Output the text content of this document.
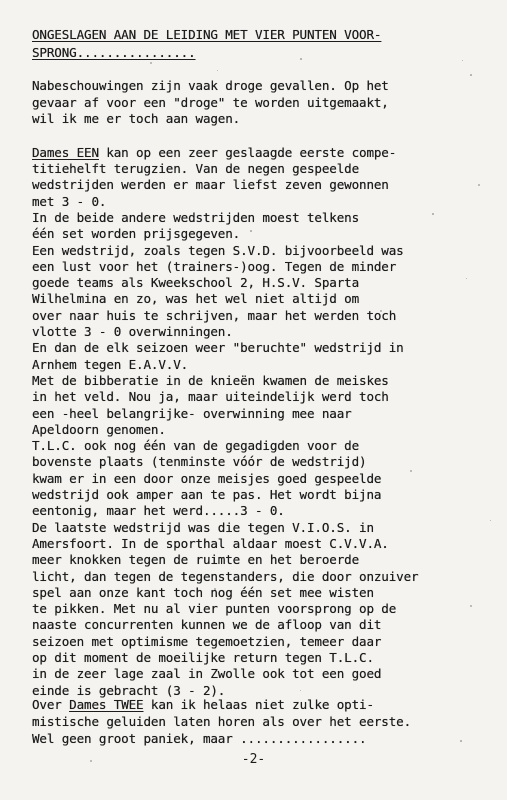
ONGESLAGEN AAN DE LEIDING MET VIER PUNTEN VOOR-
SPRONG................
Nabeschouwingen zijn vaak droge gevallen. Op het
gevaar af voor een "droge" te worden uitgemaakt,
wil ik me er toch aan wagen.
Dames EEN kan op een zeer geslaagde eerste compe-
titiehelft terugzien. Van de negen gespeelde
wedstrijden werden er maar liefst zeven gewonnen
met 3 - 0.
In de beide andere wedstrijden moest telkens
één set worden prijsgegeven.
Een wedstrijd, zoals tegen S.V.D. bijvoorbeeld was
een lust voor het (trainers-)oog. Tegen de minder
goede teams als Kweekschool 2, H.S.V. Sparta
Wilhelmina en zo, was het wel niet altijd om
over naar huis te schrijven, maar het werden toch
vlotte 3 - 0 overwinningen.
En dan de elk seizoen weer "beruchte" wedstrijd in
Arnhem tegen E.A.V.V.
Met de bibberatie in de knieën kwamen de meiskes
in het veld. Nou ja, maar uiteindelijk werd toch
een -heel belangrijke- overwinning mee naar
Apeldoorn genomen.
T.L.C. ook nog één van de gegadigden voor de
bovenste plaats (tenminste vóór de wedstrijd)
kwam er in een door onze meisjes goed gespeelde
wedstrijd ook amper aan te pas. Het wordt bijna
eentonig, maar het werd.....3 - 0.
De laatste wedstrijd was die tegen V.I.O.S. in
Amersfoort. In de sporthal aldaar moest C.V.V.A.
meer knokken tegen de ruimte en het beroerde
licht, dan tegen de tegenstanders, die door onzuiver
spel aan onze kant toch nog één set mee wisten
te pikken. Met nu al vier punten voorsprong op de
naaste concurrenten kunnen we de afloop van dit
seizoen met optimisme tegemoetzien, temeer daar
op dit moment de moeilijke return tegen T.L.C.
in de zeer lage zaal in Zwolle ook tot een goed
einde is gebracht (3 - 2).
Over Dames TWEE kan ik helaas niet zulke opti-
mistische geluiden laten horen als over het eerste.
Wel geen groot paniek, maar .................
-2-
